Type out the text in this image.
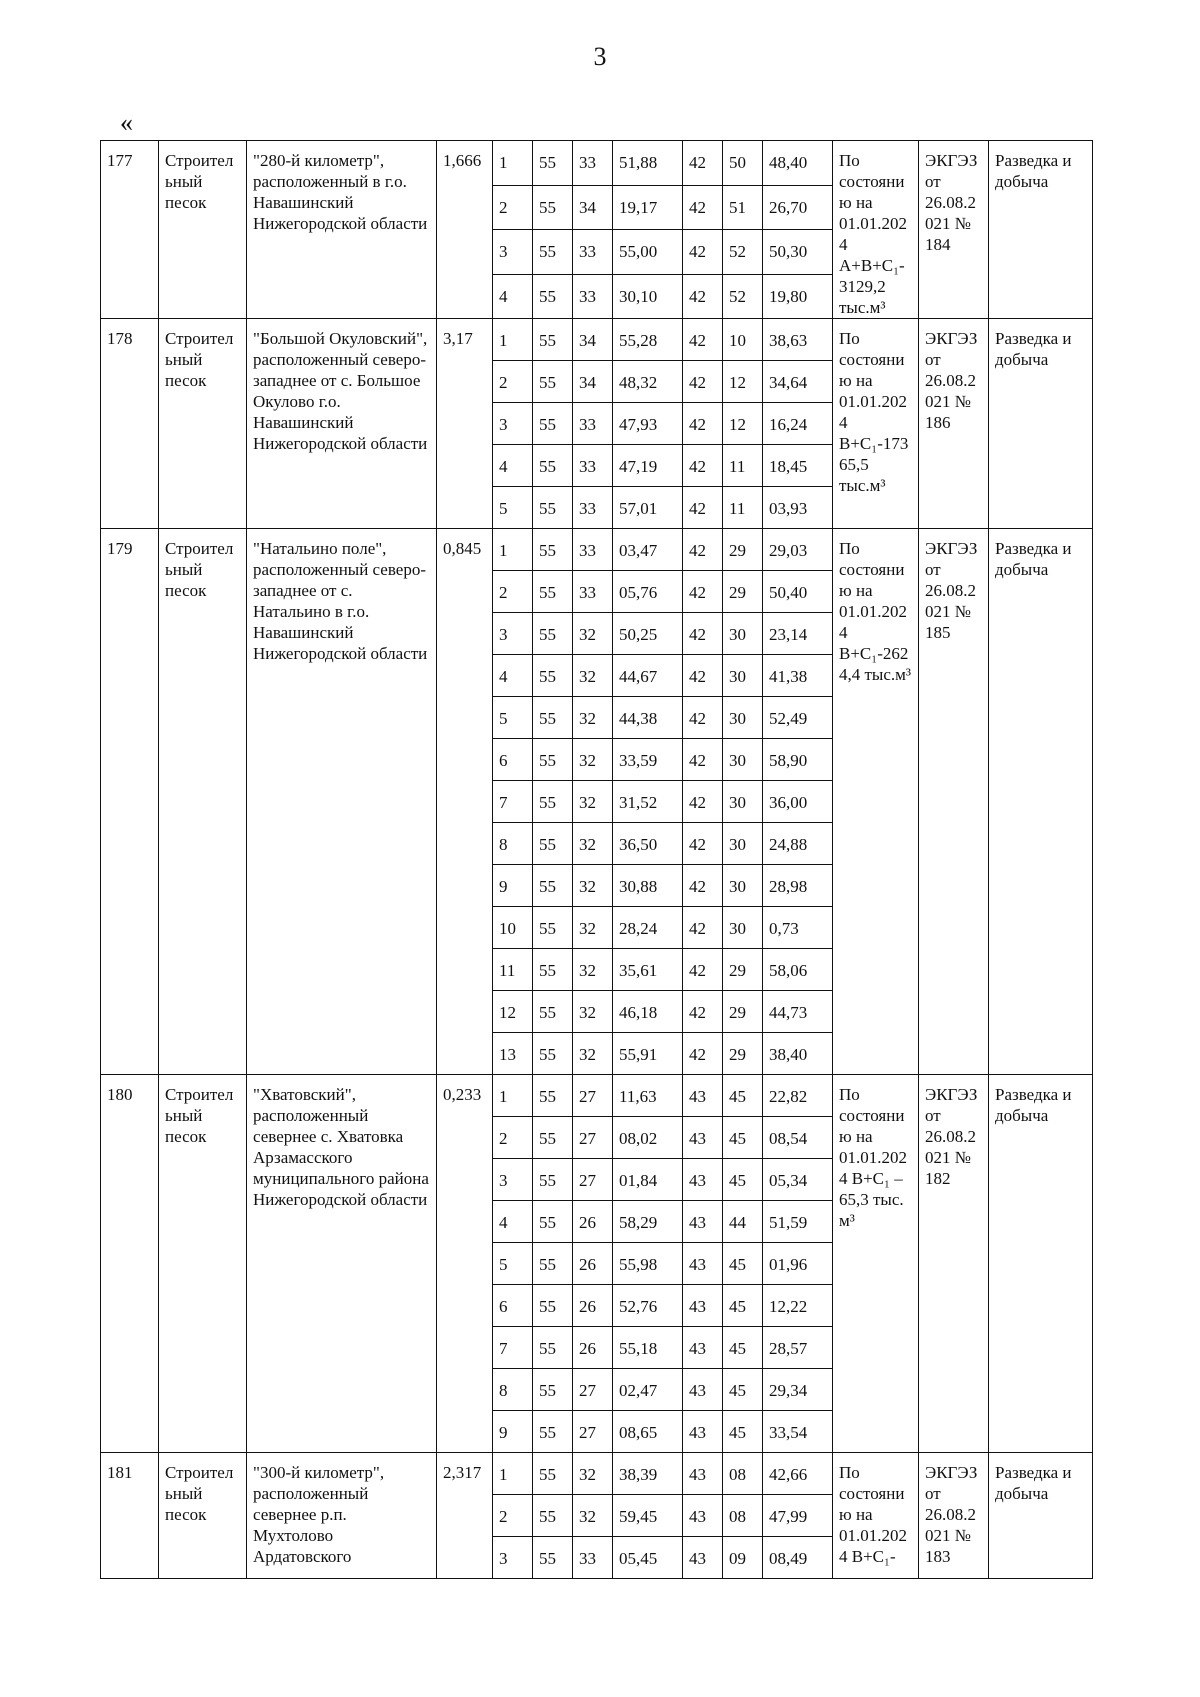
3
«
177	Строительный песок	"280-й километр", расположенный в г.о. Навашинский Нижегородской области	1,666	1	55	33	51,88	42	50	48,40	По состоянию на 01.01.2024 A+B+C₁-3129,2 тыс.м³	ЭКГЭЗ от 26.08.2021 № 184	Разведка и добыча
				2	55	34	19,17	42	51	26,70			
				3	55	33	55,00	42	52	50,30			
				4	55	33	30,10	42	52	19,80			
178	Строительный песок	"Большой Окуловский", расположенный северо-западнее от с. Большое Окулово г.о. Навашинский Нижегородской области	3,17	1	55	34	55,28	42	10	38,63	По состоянию на 01.01.2024 B+C₁-17365,5 тыс.м³	ЭКГЭЗ от 26.08.2021 № 186	Разведка и добыча
				2	55	34	48,32	42	12	34,64			
				3	55	33	47,93	42	12	16,24			
				4	55	33	47,19	42	11	18,45			
				5	55	33	57,01	42	11	03,93			
179	Строительный песок	"Натальино поле", расположенный северо-западнее от с. Натальино в г.о. Навашинский Нижегородской области	0,845	1	55	33	03,47	42	29	29,03	По состоянию на 01.01.2024 B+C₁-2624,4 тыс.м³	ЭКГЭЗ от 26.08.2021 № 185	Разведка и добыча
				2	55	33	05,76	42	29	50,40			
				3	55	32	50,25	42	30	23,14			
				4	55	32	44,67	42	30	41,38			
				5	55	32	44,38	42	30	52,49			
				6	55	32	33,59	42	30	58,90			
				7	55	32	31,52	42	30	36,00			
				8	55	32	36,50	42	30	24,88			
				9	55	32	30,88	42	30	28,98			
				10	55	32	28,24	42	30	0,73			
				11	55	32	35,61	42	29	58,06			
				12	55	32	46,18	42	29	44,73			
				13	55	32	55,91	42	29	38,40			
180	Строительный песок	"Хватовский", расположенный севернее с. Хватовка Арзамасского муниципального района Нижегородской области	0,233	1	55	27	11,63	43	45	22,82	По состоянию на 01.01.2024 B+C₁ – 65,3 тыс. м³	ЭКГЭЗ от 26.08.2021 № 182	Разведка и добыча
				2	55	27	08,02	43	45	08,54			
				3	55	27	01,84	43	45	05,34			
				4	55	26	58,29	43	44	51,59			
				5	55	26	55,98	43	45	01,96			
				6	55	26	52,76	43	45	12,22			
				7	55	26	55,18	43	45	28,57			
				8	55	27	02,47	43	45	29,34			
				9	55	27	08,65	43	45	33,54			
181	Строительный песок	"300-й километр", расположенный севернее р.п. Мухтолово Ардатовского	2,317	1	55	32	38,39	43	08	42,66	По состоянию на 01.01.2024 B+C₁-	ЭКГЭЗ от 26.08.2021 № 183	Разведка и добыча
				2	55	32	59,45	43	08	47,99			
				3	55	33	05,45	43	09	08,49			
